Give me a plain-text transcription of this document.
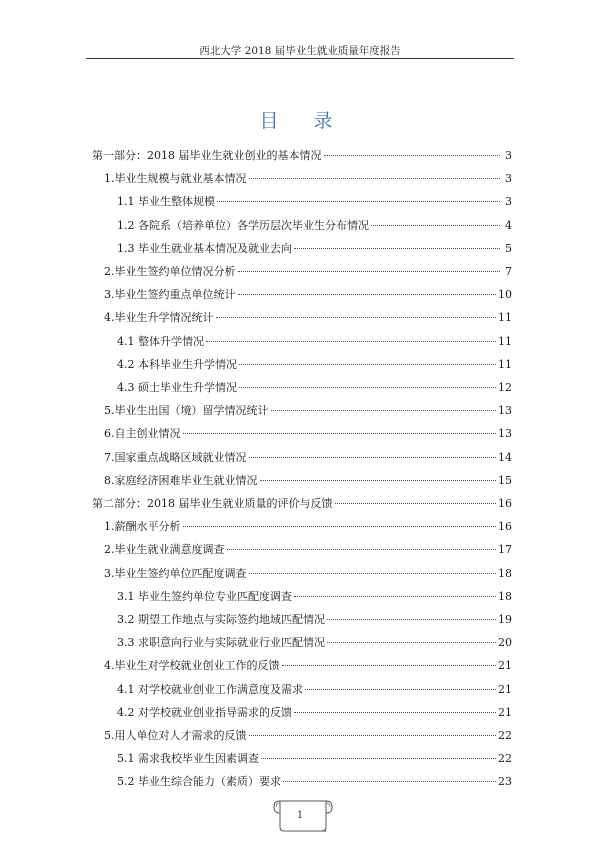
西北大学 2018 届毕业生就业质量年度报告
目　录
第一部分：2018 届毕业生就业创业的基本情况	3
1.毕业生规模与就业基本情况	3
1.1 毕业生整体规模	3
1.2 各院系（培养单位）各学历层次毕业生分布情况	4
1.3 毕业生就业基本情况及就业去向	5
2.毕业生签约单位情况分析	7
3.毕业生签约重点单位统计	10
4.毕业生升学情况统计	11
4.1 整体升学情况	11
4.2 本科毕业生升学情况	11
4.3 硕士毕业生升学情况	12
5.毕业生出国（境）留学情况统计	13
6.自主创业情况	13
7.国家重点战略区域就业情况	14
8.家庭经济困难毕业生就业情况	15
第二部分：2018 届毕业生就业质量的评价与反馈	16
1.薪酬水平分析	16
2.毕业生就业满意度调查	17
3.毕业生签约单位匹配度调查	18
3.1 毕业生签约单位专业匹配度调查	18
3.2 期望工作地点与实际签约地域匹配情况	19
3.3 求职意向行业与实际就业行业匹配情况	20
4.毕业生对学校就业创业工作的反馈	21
4.1 对学校就业创业工作满意度及需求	21
4.2 对学校就业创业指导需求的反馈	21
5.用人单位对人才需求的反馈	22
5.1 需求我校毕业生因素调查	22
5.2 毕业生综合能力（素质）要求	23
1
